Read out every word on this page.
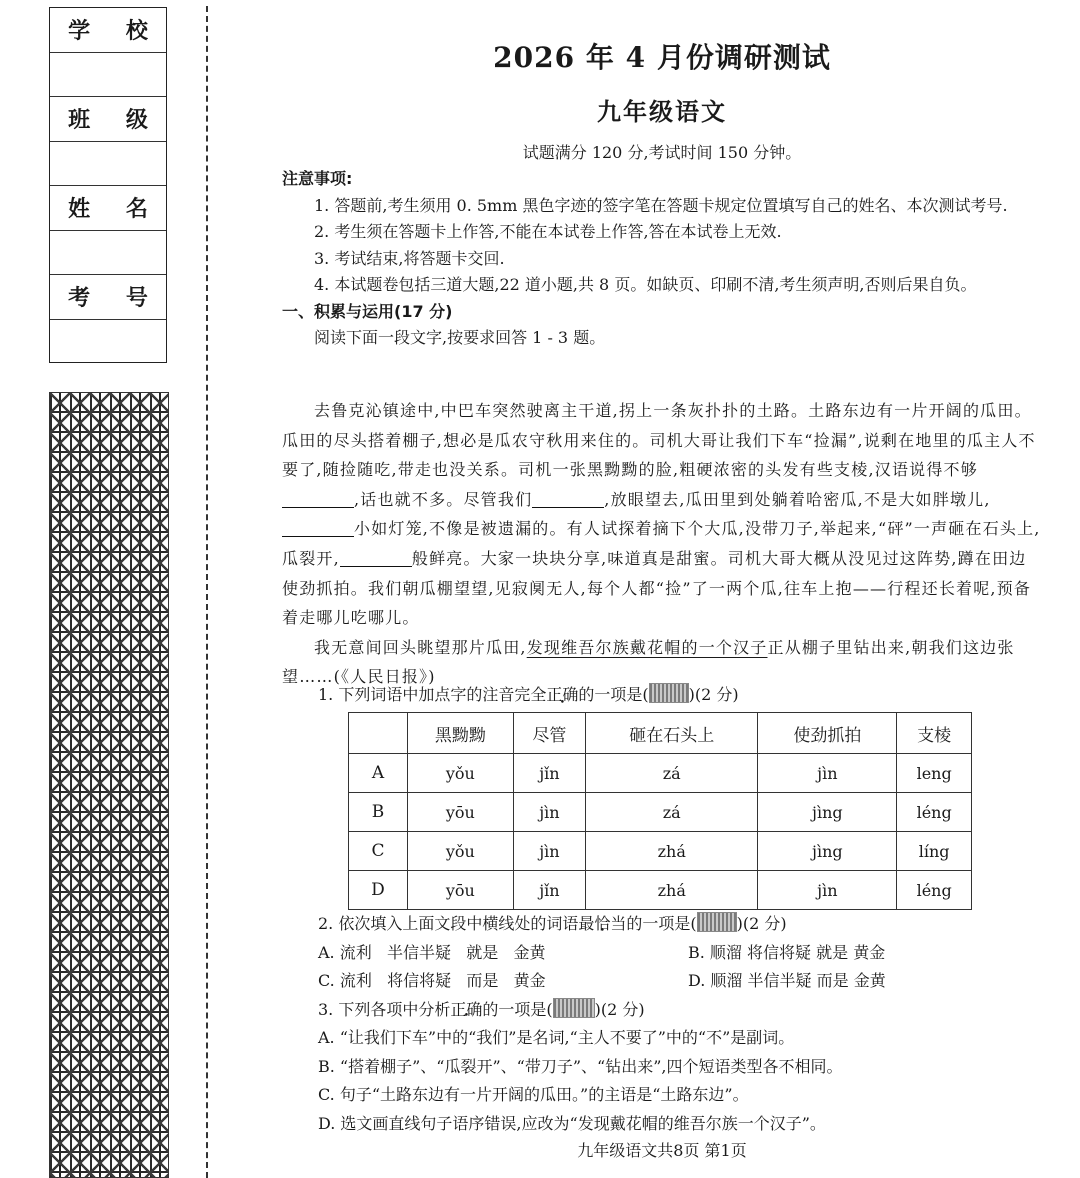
学 校
班 级
姓 名
考 号
2026 年 4 月份调研测试
九年级语文
试题满分 120 分,考试时间 150 分钟。
注意事项:

1. 答题前,考生须用 0. 5mm 黑色字迹的签字笔在答题卡规定位置填写自己的姓名、本次测试考号.

2. 考生须在答题卡上作答,不能在本试卷上作答,答在本试卷上无效.

3. 考试结束,将答题卡交回.

4. 本试题卷包括三道大题,22 道小题,共 8 页。如缺页、印刷不清,考生须声明,否则后果自负。

一、积累与运用(17 分)

阅读下面一段文字,按要求回答 1 - 3 题。

去鲁克沁镇途中,中巴车突然驶离主干道,拐上一条灰扑扑的土路。土路东边有一片开阔的瓜田。瓜田的尽头搭着棚子,想必是瓜农守秋用来住的。司机大哥让我们下车“捡漏”,说剩在地里的瓜主人不要了,随捡随吃,带走也没关系。司机一张黑黝黝的脸,粗硬浓密的头发有些支棱,汉语说得不够,话也就不多。尽管我们	,放眼望去,瓜田里到处躺着哈密瓜,不是大如胖墩儿,小如灯笼,不像是被遗漏的。有人试探着摘下个大瓜,没带刀子,举起来,“砰”一声砸在石头上,瓜裂开,	般鲜亮。大家一块块分享,味道真是甜蜜。司机大哥大概从没见过这阵势,蹲在田边使劲抓拍。我们朝瓜棚望望,见寂阒无人,每个人都“捡”了一两个瓜,往车上抱——行程还长着呢,预备着走哪儿吃哪儿。

我无意间回头眺望那片瓜田,发现维吾尔族戴花帽的一个汉子正从棚子里钻出来,朝我们这边张望……(《人民日报》)

1. 下列词语中加点字的注音完全正确的一项是(	)(2 分)

	黑黝黝	尽管	砸在石头上	使劲抓拍	支棱
A	yǒu	jǐn	zá	jìn	leng
B	yōu	jìn	zá	jìng	léng
C	yǒu	jìn	zhá	jìng	líng
D	yōu	jǐn	zhá	jìn	léng

2. 依次填入上面文段中横线处的词语最恰当的一项是(	)(2 分)

A. 流利   半信半疑   就是   金黄	B. 顺溜 将信将疑 就是 黄金

C. 流利   将信将疑   而是   黄金	D. 顺溜 半信半疑 而是 金黄

3. 下列各项中分析正确的一项是(	)(2 分)

A. “让我们下车”中的“我们”是名词,“主人不要了”中的“不”是副词。

B. “搭着棚子”、“瓜裂开”、“带刀子”、“钻出来”,四个短语类型各不相同。

C. 句子“土路东边有一片开阔的瓜田。”的主语是“土路东边”。

D. 选文画直线句子语序错误,应改为“发现戴花帽的维吾尔族一个汉子”。

九年级语文共8页 第1页
